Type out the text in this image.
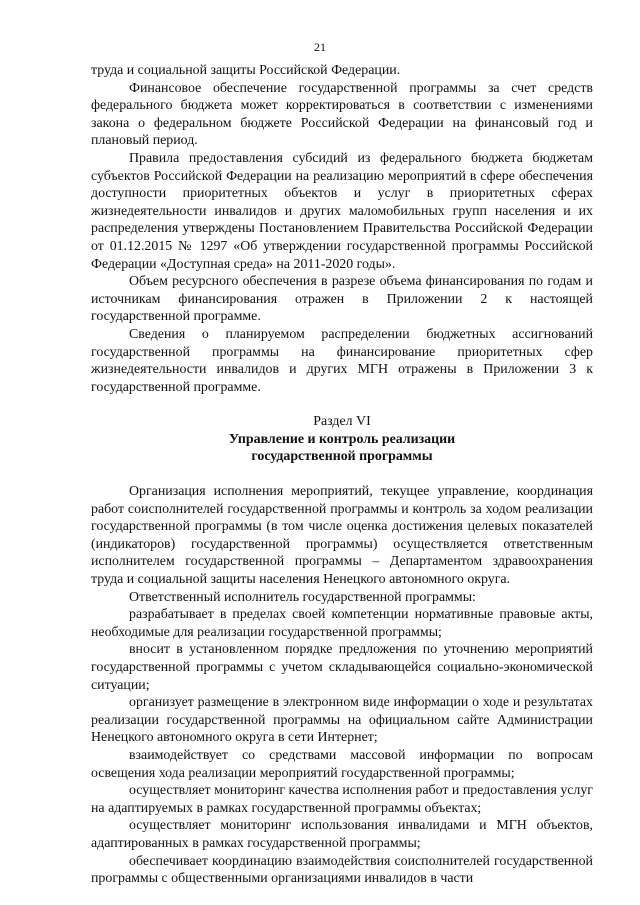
21

труда и социальной защиты Российской Федерации.

Финансовое обеспечение государственной программы за счет средств федерального бюджета может корректироваться в соответствии с изменениями закона о федеральном бюджете Российской Федерации на финансовый год и плановый период.

Правила предоставления субсидий из федерального бюджета бюджетам субъектов Российской Федерации на реализацию мероприятий в сфере обеспечения доступности приоритетных объектов и услуг в приоритетных сферах жизнедеятельности инвалидов и других маломобильных групп населения и их распределения утверждены Постановлением Правительства Российской Федерации от 01.12.2015 № 1297 «Об утверждении государственной программы Российской Федерации «Доступная среда» на 2011-2020 годы».

Объем ресурсного обеспечения в разрезе объема финансирования по годам и источникам финансирования отражен в Приложении 2 к настоящей государственной программе.

Сведения о планируемом распределении бюджетных ассигнований государственной программы на финансирование приоритетных сфер жизнедеятельности инвалидов и других МГН отражены в Приложении 3 к государственной программе.

Раздел VI
Управление и контроль реализации
государственной программы

Организация исполнения мероприятий, текущее управление, координация работ соисполнителей государственной программы и контроль за ходом реализации государственной программы (в том числе оценка достижения целевых показателей (индикаторов) государственной программы) осуществляется ответственным исполнителем государственной программы – Департаментом здравоохранения труда и социальной защиты населения Ненецкого автономного округа.

Ответственный исполнитель государственной программы:

разрабатывает в пределах своей компетенции нормативные правовые акты, необходимые для реализации государственной программы;

вносит в установленном порядке предложения по уточнению мероприятий государственной программы с учетом складывающейся социально-экономической ситуации;

организует размещение в электронном виде информации о ходе и результатах реализации государственной программы на официальном сайте Администрации Ненецкого автономного округа в сети Интернет;

взаимодействует со средствами массовой информации по вопросам освещения хода реализации мероприятий государственной программы;

осуществляет мониторинг качества исполнения работ и предоставления услуг на адаптируемых в рамках государственной программы объектах;

осуществляет мониторинг использования инвалидами и МГН объектов, адаптированных в рамках государственной программы;

обеспечивает координацию взаимодействия соисполнителей государственной программы с общественными организациями инвалидов в части
